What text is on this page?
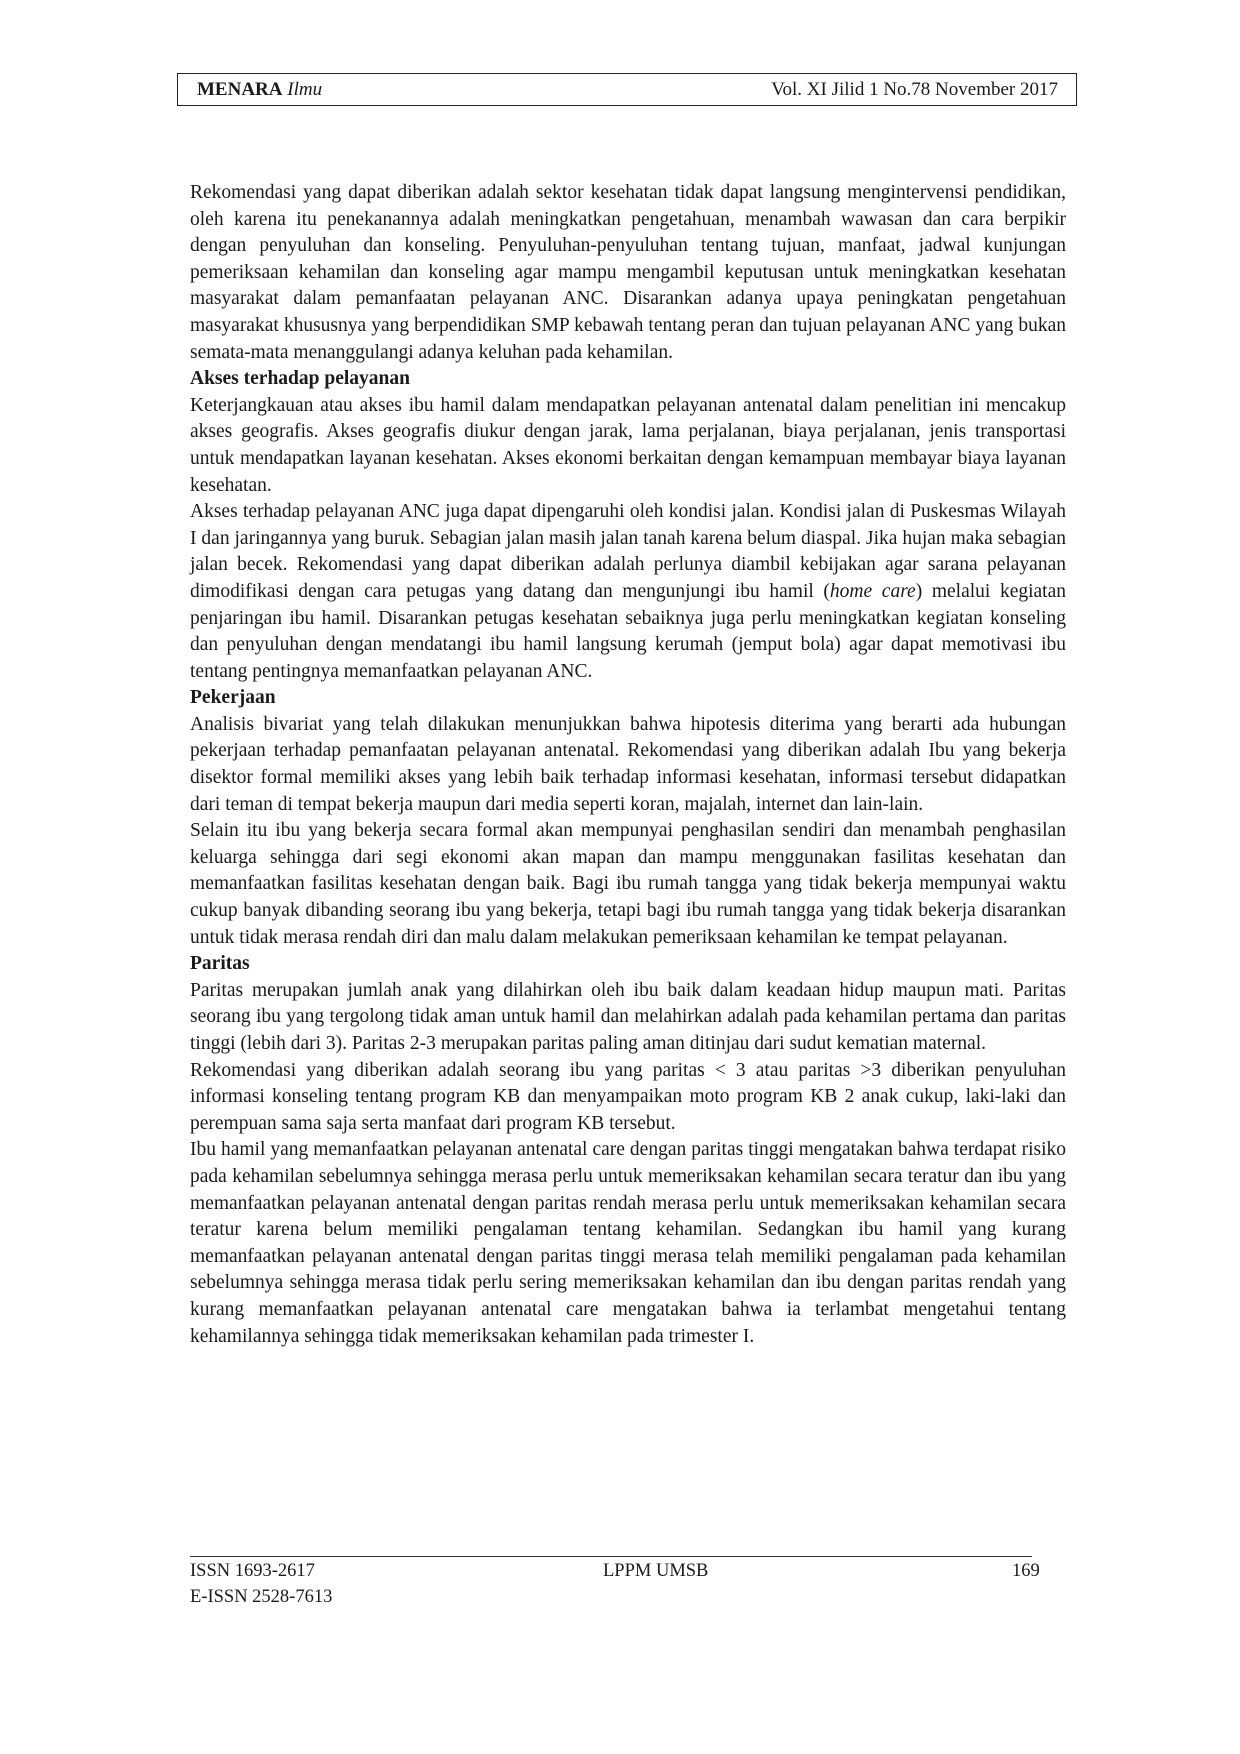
MENARA Ilmu	Vol. XI Jilid 1 No.78 November 2017

Rekomendasi yang dapat diberikan adalah sektor kesehatan tidak dapat langsung mengintervensi pendidikan, oleh karena itu penekanannya adalah meningkatkan pengetahuan, menambah wawasan dan cara berpikir dengan penyuluhan dan konseling. Penyuluhan-penyuluhan tentang tujuan, manfaat, jadwal kunjungan pemeriksaan kehamilan dan konseling agar mampu mengambil keputusan untuk meningkatkan kesehatan masyarakat dalam pemanfaatan pelayanan ANC. Disarankan adanya upaya peningkatan pengetahuan masyarakat khususnya yang berpendidikan SMP kebawah tentang peran dan tujuan pelayanan ANC yang bukan semata-mata menanggulangi adanya keluhan pada kehamilan.

Akses terhadap pelayanan

Keterjangkauan atau akses ibu hamil dalam mendapatkan pelayanan antenatal dalam penelitian ini mencakup akses geografis. Akses geografis diukur dengan jarak, lama perjalanan, biaya perjalanan, jenis transportasi untuk mendapatkan layanan kesehatan. Akses ekonomi berkaitan dengan kemampuan membayar biaya layanan kesehatan.

Akses terhadap pelayanan ANC juga dapat dipengaruhi oleh kondisi jalan. Kondisi jalan di Puskesmas Wilayah I dan jaringannya yang buruk. Sebagian jalan masih jalan tanah karena belum diaspal. Jika hujan maka sebagian jalan becek. Rekomendasi yang dapat diberikan adalah perlunya diambil kebijakan agar sarana pelayanan dimodifikasi dengan cara petugas yang datang dan mengunjungi ibu hamil (home care) melalui kegiatan penjaringan ibu hamil. Disarankan petugas kesehatan sebaiknya juga perlu meningkatkan kegiatan konseling dan penyuluhan dengan mendatangi ibu hamil langsung kerumah (jemput bola) agar dapat memotivasi ibu tentang pentingnya memanfaatkan pelayanan ANC.

Pekerjaan

Analisis bivariat yang telah dilakukan menunjukkan bahwa hipotesis diterima yang berarti ada hubungan pekerjaan terhadap pemanfaatan pelayanan antenatal. Rekomendasi yang diberikan adalah Ibu yang bekerja disektor formal memiliki akses yang lebih baik terhadap informasi kesehatan, informasi tersebut didapatkan dari teman di tempat bekerja maupun dari media seperti koran, majalah, internet dan lain-lain.

Selain itu ibu yang bekerja secara formal akan mempunyai penghasilan sendiri dan menambah penghasilan keluarga sehingga dari segi ekonomi akan mapan dan mampu menggunakan fasilitas kesehatan dan memanfaatkan fasilitas kesehatan dengan baik. Bagi ibu rumah tangga yang tidak bekerja mempunyai waktu cukup banyak dibanding seorang ibu yang bekerja, tetapi bagi ibu rumah tangga yang tidak bekerja disarankan untuk tidak merasa rendah diri dan malu dalam melakukan pemeriksaan kehamilan ke tempat pelayanan.

Paritas

Paritas merupakan jumlah anak yang dilahirkan oleh ibu baik dalam keadaan hidup maupun mati. Paritas seorang ibu yang tergolong tidak aman untuk hamil dan melahirkan adalah pada kehamilan pertama dan paritas tinggi (lebih dari 3). Paritas 2-3 merupakan paritas paling aman ditinjau dari sudut kematian maternal.

Rekomendasi yang diberikan adalah seorang ibu yang paritas < 3 atau paritas >3 diberikan penyuluhan informasi konseling tentang program KB dan menyampaikan moto program KB 2 anak cukup, laki-laki dan perempuan sama saja serta manfaat dari program KB tersebut.

Ibu hamil yang memanfaatkan pelayanan antenatal care dengan paritas tinggi mengatakan bahwa terdapat risiko pada kehamilan sebelumnya sehingga merasa perlu untuk memeriksakan kehamilan secara teratur dan ibu yang memanfaatkan pelayanan antenatal dengan paritas rendah merasa perlu untuk memeriksakan kehamilan secara teratur karena belum memiliki pengalaman tentang kehamilan. Sedangkan ibu hamil yang kurang memanfaatkan pelayanan antenatal dengan paritas tinggi merasa telah memiliki pengalaman pada kehamilan sebelumnya sehingga merasa tidak perlu sering memeriksakan kehamilan dan ibu dengan paritas rendah yang kurang memanfaatkan pelayanan antenatal care mengatakan bahwa ia terlambat mengetahui tentang kehamilannya sehingga tidak memeriksakan kehamilan pada trimester I.

ISSN 1693-2617
E-ISSN 2528-7613
LPPM UMSB	169
